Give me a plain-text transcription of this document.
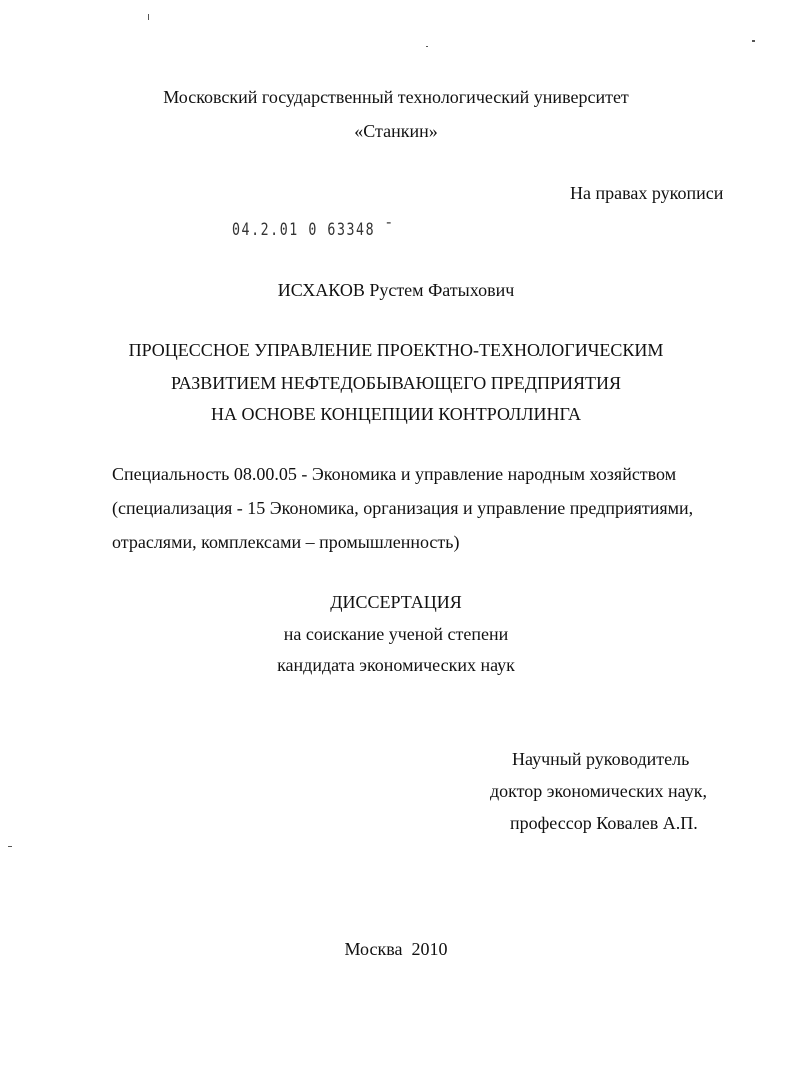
Московский государственный технологический университет
«Станкин»
На правах рукописи
04.2.01 0 63348 ˉ
ИСХАКОВ Рустем Фатыхович
ПРОЦЕССНОЕ УПРАВЛЕНИЕ ПРОЕКТНО-ТЕХНОЛОГИЧЕСКИМ
РАЗВИТИЕМ НЕФТЕДОБЫВАЮЩЕГО ПРЕДПРИЯТИЯ
НА ОСНОВЕ КОНЦЕПЦИИ КОНТРОЛЛИНГА
Специальность 08.00.05 - Экономика и управление народным хозяйством
(специализация - 15 Экономика, организация и управление предприятиями,
отраслями, комплексами – промышленность)
ДИССЕРТАЦИЯ
на соискание ученой степени
кандидата экономических наук
Научный руководитель
доктор экономических наук,
профессор Ковалев А.П.
Москва  2010
